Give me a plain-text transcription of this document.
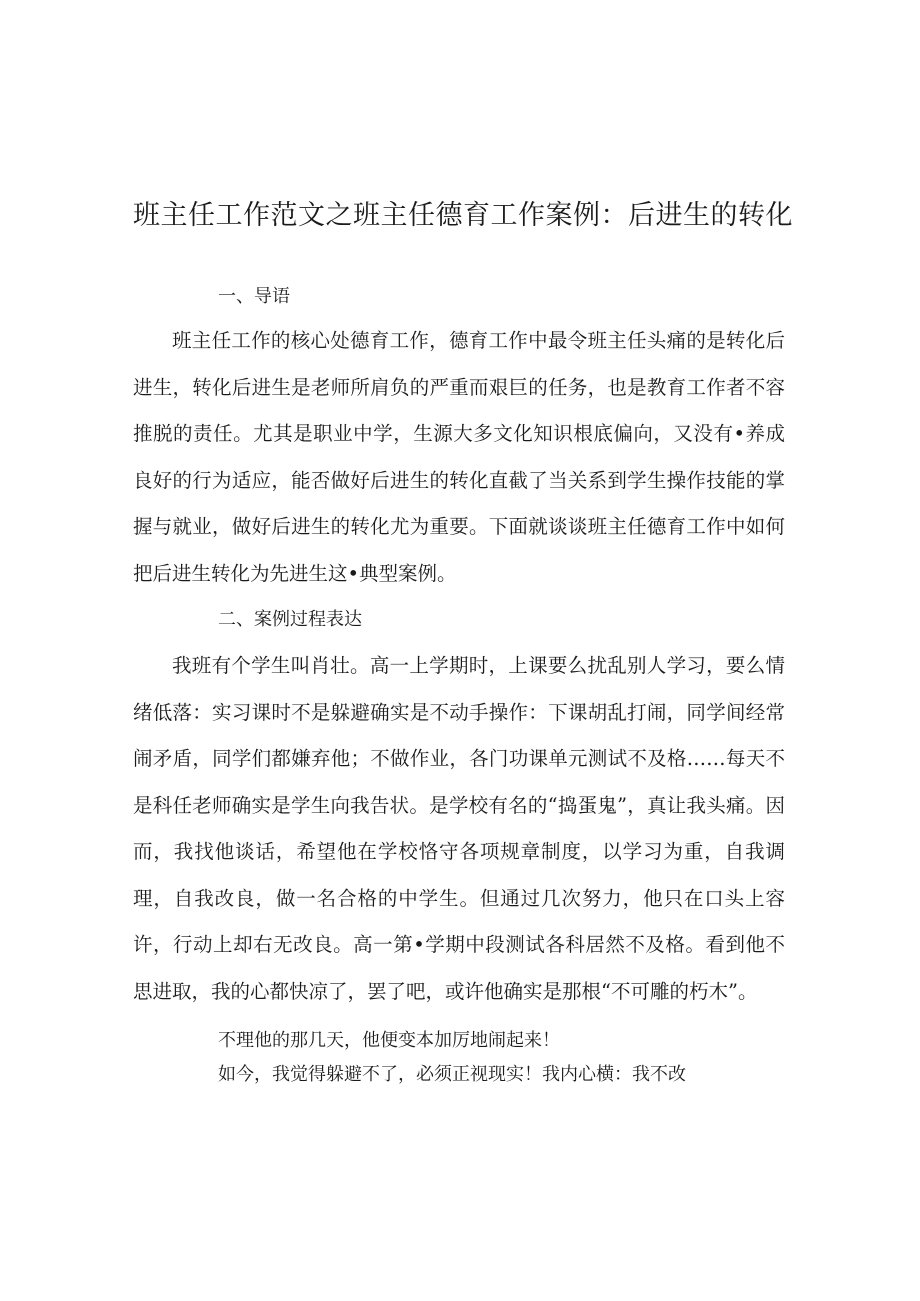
班主任工作范文之班主任德育工作案例：后进生的转化
一、导语

班主任工作的核心处德育工作，德育工作中最令班主任头痛的是转化后进生，转化后进生是老师所肩负的严重而艰巨的任务，也是教育工作者不容推脱的责任。尤其是职业中学，生源大多文化知识根底偏向，又没有•养成良好的行为适应，能否做好后进生的转化直截了当关系到学生操作技能的掌握与就业，做好后进生的转化尤为重要。下面就谈谈班主任德育工作中如何把后进生转化为先进生这•典型案例。

二、案例过程表达

我班有个学生叫肖壮。高一上学期时，上课要么扰乱别人学习，要么情绪低落：实习课时不是躲避确实是不动手操作：下课胡乱打闹，同学间经常闹矛盾，同学们都嫌弃他；不做作业，各门功课单元测试不及格……每天不是科任老师确实是学生向我告状。是学校有名的“捣蛋鬼”，真让我头痛。因而，我找他谈话，希望他在学校恪守各项规章制度，以学习为重，自我调理，自我改良，做一名合格的中学生。但通过几次努力，他只在口头上容许，行动上却右无改良。高一第•学期中段测试各科居然不及格。看到他不思进取，我的心都快凉了，罢了吧，或许他确实是那根“不可雕的朽木”。

不理他的那几天，他便变本加厉地闹起来！

如今，我觉得躲避不了，必须正视现实！我内心横：我不改
